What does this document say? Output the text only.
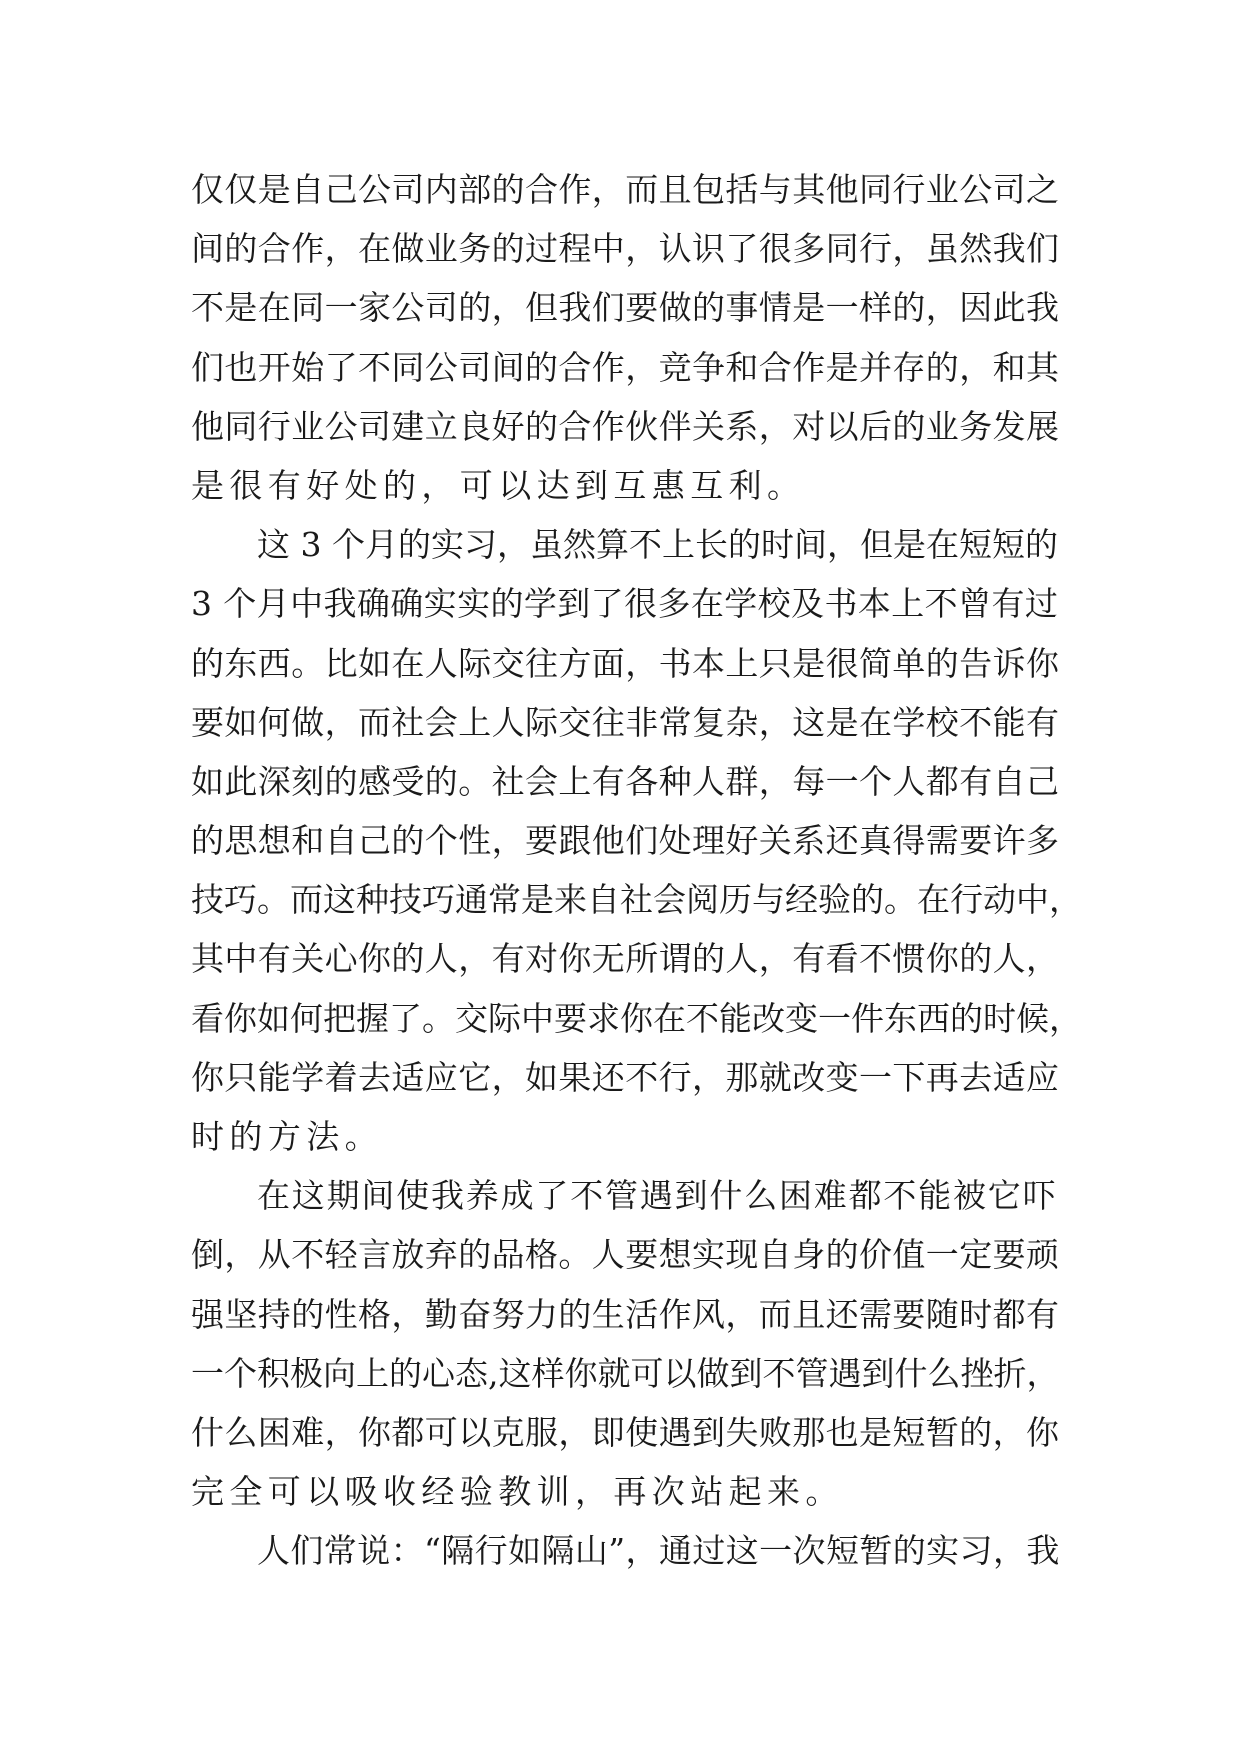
仅仅是自己公司内部的合作，而且包括与其他同行业公司之
间的合作，在做业务的过程中，认识了很多同行，虽然我们
不是在同一家公司的，但我们要做的事情是一样的，因此我
们也开始了不同公司间的合作，竞争和合作是并存的，和其
他同行业公司建立良好的合作伙伴关系，对以后的业务发展
是很有好处的，可以达到互惠互利。
这 3 个月的实习，虽然算不上长的时间，但是在短短的
3 个月中我确确实实的学到了很多在学校及书本上不曾有过
的东西。比如在人际交往方面，书本上只是很简单的告诉你
要如何做，而社会上人际交往非常复杂，这是在学校不能有
如此深刻的感受的。社会上有各种人群，每一个人都有自己
的思想和自己的个性，要跟他们处理好关系还真得需要许多
技巧。而这种技巧通常是来自社会阅历与经验的。在行动中，
其中有关心你的人，有对你无所谓的人，有看不惯你的人，
看你如何把握了。交际中要求你在不能改变一件东西的时候，
你只能学着去适应它，如果还不行，那就改变一下再去适应
时的方法。
在这期间使我养成了不管遇到什么困难都不能被它吓
倒，从不轻言放弃的品格。人要想实现自身的价值一定要顽
强坚持的性格，勤奋努力的生活作风，而且还需要随时都有
一个积极向上的心态,这样你就可以做到不管遇到什么挫折，
什么困难，你都可以克服，即使遇到失败那也是短暂的，你
完全可以吸收经验教训，再次站起来。
人们常说：“隔行如隔山”，通过这一次短暂的实习，我
